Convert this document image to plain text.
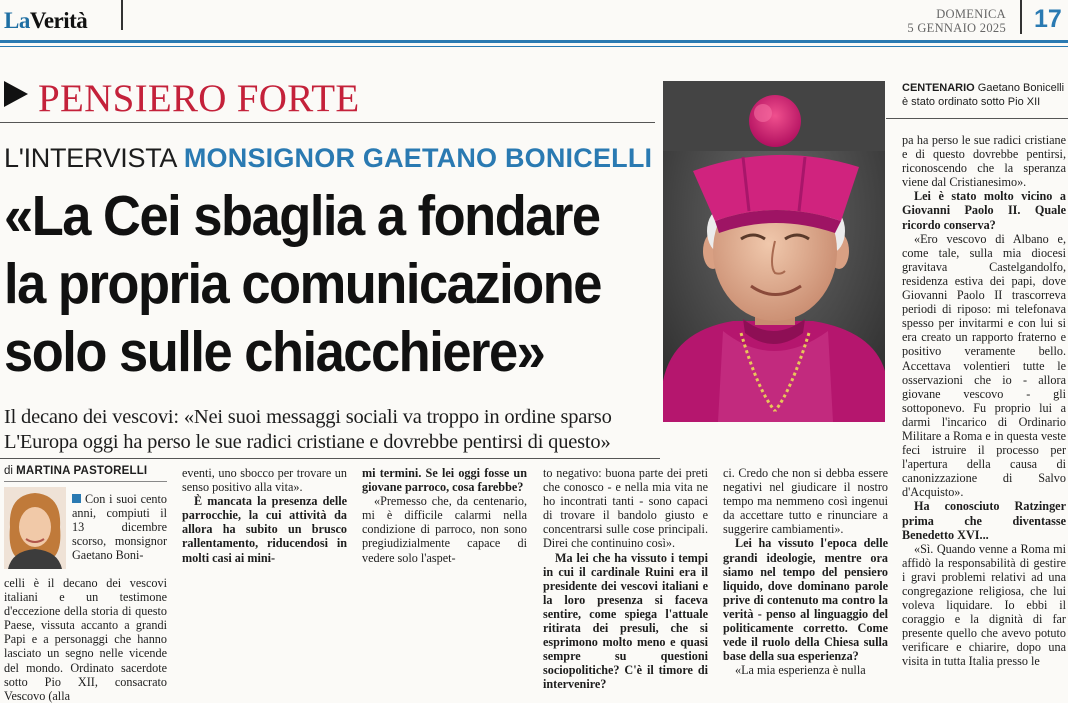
LaVerità	DOMENICA
5 GENNAIO 2025 17
PENSIERO FORTE
L'INTERVISTA MONSIGNOR GAETANO BONICELLI
«La Cei sbaglia a fondare
la propria comunicazione
solo sulle chiacchiere»
Il decano dei vescovi: «Nei suoi messaggi sociali va troppo in ordine sparso
L'Europa oggi ha perso le sue radici cristiane e dovrebbe pentirsi di questo»
CENTENARIO Gaetano Bonicelli è stato ordinato sotto Pio XII
di MARTINA PASTORELLI

Con i suoi cento anni, compiuti il 13 dicembre scorso, monsignor Gaetano Boni-

celli è il decano dei vescovi italiani e un testimone d'eccezione della storia di questo Paese, vissuta accanto a grandi Papi e a personaggi che hanno lasciato un segno nelle vicende del mondo. Ordinato sacerdote sotto Pio XII, consacrato Vescovo (alla

eventi, uno sbocco per trovare un senso positivo alla vita».

È mancata la presenza delle parrocchie, la cui attività da allora ha subito un brusco rallentamento, riducendosi in molti casi ai mini-

mi termini. Se lei oggi fosse un giovane parroco, cosa farebbe?

«Premesso che, da centenario, mi è difficile calarmi nella condizione di parroco, non sono pregiudizialmente capace di vedere solo l'aspet-

to negativo: buona parte dei preti che conosco - e nella mia vita ne ho incontrati tanti - sono capaci di trovare il bandolo giusto e concentrarsi sulle cose principali. Direi che continuino così».

Ma lei che ha vissuto i tempi in cui il cardinale Ruini era il presidente dei vescovi italiani e la loro presenza si faceva sentire, come spiega l'attuale ritirata dei presuli, che si esprimono molto meno e quasi sempre su questioni sociopolitiche? C'è il timore di intervenire?

ci. Credo che non si debba essere negativi nel giudicare il nostro tempo ma nemmeno così ingenui da accettare tutto e rinunciare a suggerire cambiamenti».

Lei ha vissuto l'epoca delle grandi ideologie, mentre ora siamo nel tempo del pensiero liquido, dove dominano parole prive di contenuto ma contro la verità - penso al linguaggio del politicamente corretto. Come vede il ruolo della Chiesa sulla base della sua esperienza?

«La mia esperienza è nulla

pa ha perso le sue radici cristiane e di questo dovrebbe pentirsi, riconoscendo che la speranza viene dal Cristianesimo».

Lei è stato molto vicino a Giovanni Paolo II. Quale ricordo conserva?

«Ero vescovo di Albano e, come tale, sulla mia diocesi gravitava Castelgandolfo, residenza estiva dei papi, dove Giovanni Paolo II trascorreva periodi di riposo: mi telefonava spesso per invitarmi e con lui si era creato un rapporto fraterno e positivo veramente bello. Accettava volentieri tutte le osservazioni che io - allora giovane vescovo - gli sottoponevo. Fu proprio lui a darmi l'incarico di Ordinario Militare a Roma e in questa veste feci istruire il processo per l'apertura della causa di canonizzazione di Salvo d'Acquisto».

Ha conosciuto Ratzinger prima che diventasse Benedetto XVI...

«Sì. Quando venne a Roma mi affidò la responsabilità di gestire i gravi problemi relativi ad una congregazione religiosa, che lui voleva liquidare. Io ebbi il coraggio e la dignità di far presente quello che avevo potuto verificare e chiarire, dopo una visita in tutta Italia presso le
